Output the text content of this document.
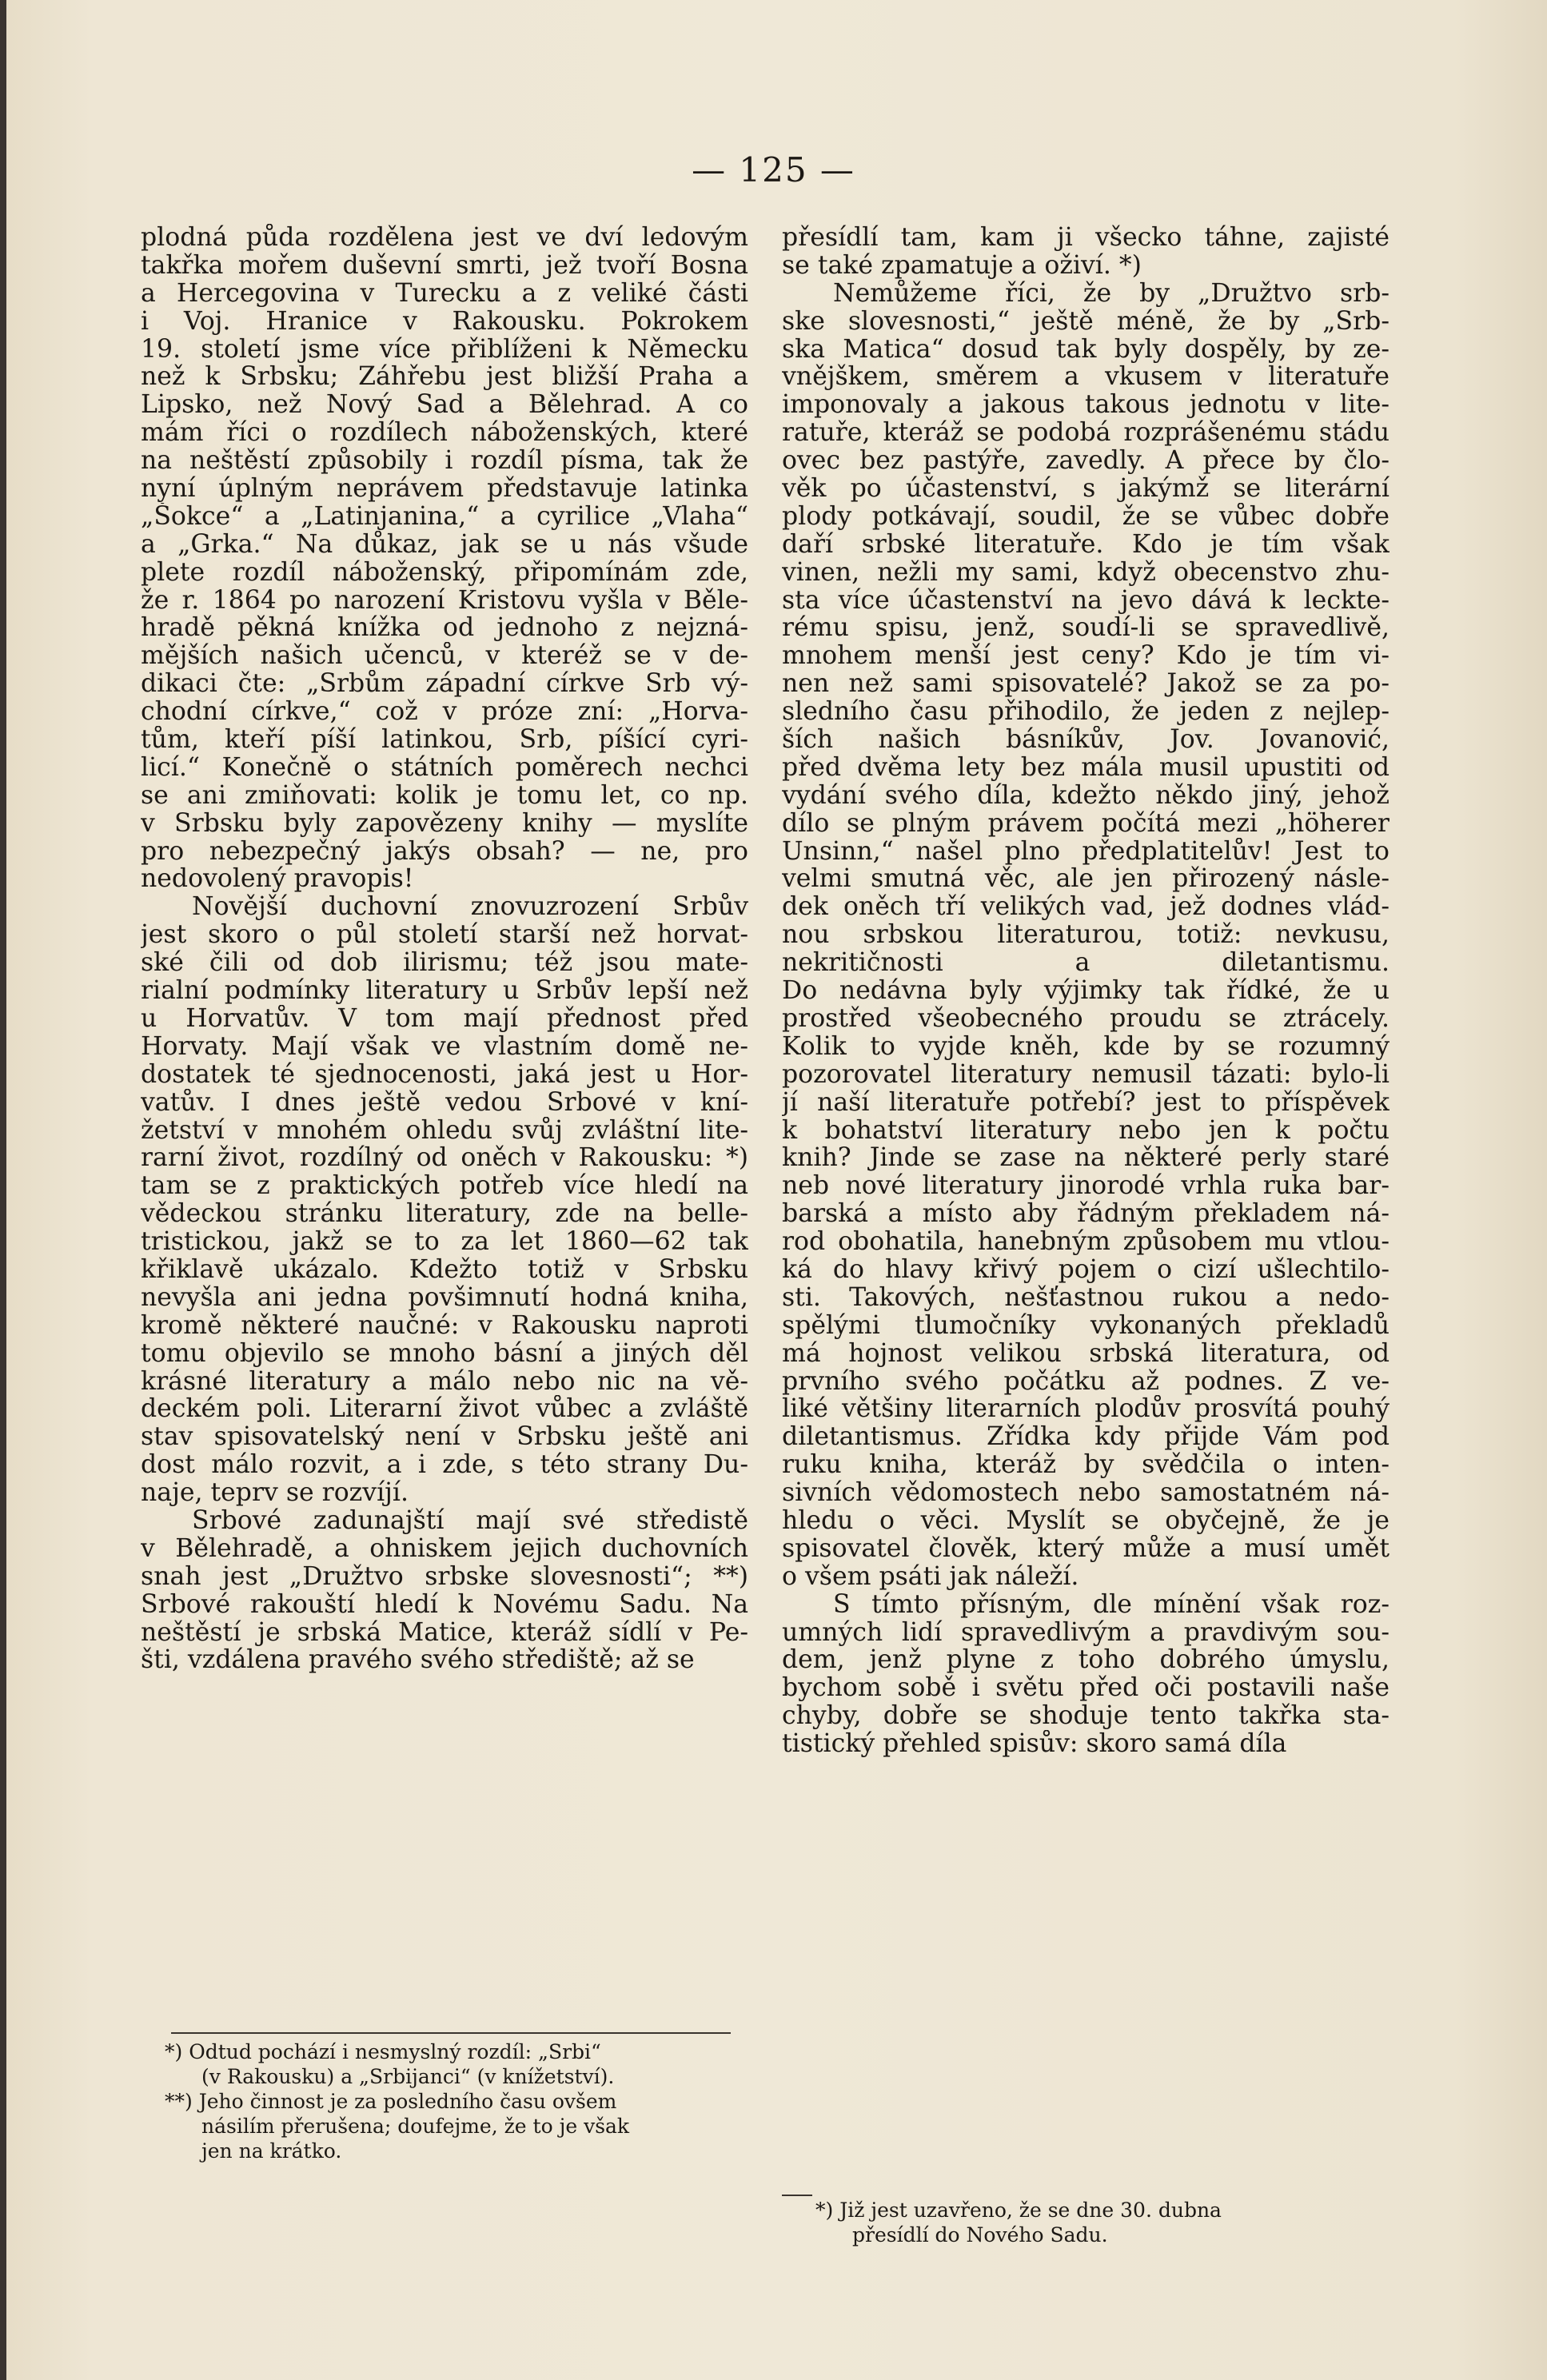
— 125 —
plodná půda rozdělena jest ve dví ledovým
takřka mořem duševní smrti, jež tvoří Bosna
a Hercegovina v Turecku a z veliké části
i Voj. Hranice v Rakousku. Pokrokem
19. století jsme více přiblíženi k Německu
než k Srbsku; Záhřebu jest bližší Praha a
Lipsko, než Nový Sad a Bělehrad. A co
mám říci o rozdílech náboženských, které
na neštěstí způsobily i rozdíl písma, tak že
nyní úplným neprávem představuje latinka
„Šokce“ a „Latinjanina,“ a cyrilice „Vlaha“
a „Grka.“ Na důkaz, jak se u nás všude
plete rozdíl náboženský, připomínám zde,
že r. 1864 po narození Kristovu vyšla v Běle-
hradě pěkná knížka od jednoho z nejzná-
mějších našich učenců, v kteréž se v de-
dikaci čte: „Srbům západní církve Srb vý-
chodní církve,“ což v próze zní: „Horva-
tům, kteří píší latinkou, Srb, píšící cyri-
licí.“ Konečně o státních poměrech nechci
se ani zmiňovati: kolik je tomu let, co np.
v Srbsku byly zapovězeny knihy — myslíte
pro nebezpečný jakýs obsah? — ne, pro
nedovolený pravopis!
Novější duchovní znovuzrození Srbův
jest skoro o půl století starší než horvat-
ské čili od dob ilirismu; též jsou mate-
rialní podmínky literatury u Srbův lepší než
u Horvatův. V tom mají přednost před
Horvaty. Mají však ve vlastním domě ne-
dostatek té sjednocenosti, jaká jest u Hor-
vatův. I dnes ještě vedou Srbové v kní-
žetství v mnohém ohledu svůj zvláštní lite-
rarní život, rozdílný od oněch v Rakousku: *)
tam se z praktických potřeb více hledí na
vědeckou stránku literatury, zde na belle-
tristickou, jakž se to za let 1860—62 tak
křiklavě ukázalo. Kdežto totiž v Srbsku
nevyšla ani jedna povšimnutí hodná kniha,
kromě některé naučné: v Rakousku naproti
tomu objevilo se mnoho básní a jiných děl
krásné literatury a málo nebo nic na vě-
deckém poli. Literarní život vůbec a zvláště
stav spisovatelský není v Srbsku ještě ani
dost málo rozvit, a i zde, s této strany Du-
naje, teprv se rozvíjí.
Srbové zadunajští mají své středistě
v Bělehradě, a ohniskem jejich duchovních
snah jest „Družtvo srbske slovesnosti“; **)
Srbové rakouští hledí k Novému Sadu. Na
neštěstí je srbská Matice, kteráž sídlí v Pe-
šti, vzdálena pravého svého střediště; až se
přesídlí tam, kam ji všecko táhne, zajisté
se také zpamatuje a oživí. *)
Nemůžeme říci, že by „Družtvo srb-
ske slovesnosti,“ ještě méně, že by „Srb-
ska Matica“ dosud tak byly dospěly, by ze-
vnějškem, směrem a vkusem v literatuře
imponovaly a jakous takous jednotu v lite-
ratuře, kteráž se podobá rozprášenému stádu
ovec bez pastýře, zavedly. A přece by člo-
věk po účastenství, s jakýmž se literární
plody potkávají, soudil, že se vůbec dobře
daří srbské literatuře. Kdo je tím však
vinen, nežli my sami, když obecenstvo zhu-
sta více účastenství na jevo dává k leckte-
rému spisu, jenž, soudí-li se spravedlivě,
mnohem menší jest ceny? Kdo je tím vi-
nen než sami spisovatelé? Jakož se za po-
sledního času přihodilo, že jeden z nejlep-
ších našich básníkův, Jov. Jovanović,
před dvěma lety bez mála musil upustiti od
vydání svého díla, kdežto někdo jiný, jehož
dílo se plným právem počítá mezi „höherer
Unsinn,“ našel plno předplatitelův! Jest to
velmi smutná věc, ale jen přirozený násle-
dek oněch tří velikých vad, jež dodnes vlád-
nou srbskou literaturou, totiž: nevkusu,
nekritičnosti a diletantismu.
Do nedávna byly výjimky tak řídké, že u
prostřed všeobecného proudu se ztrácely.
Kolik to vyjde kněh, kde by se rozumný
pozorovatel literatury nemusil tázati: bylo-li
jí naší literatuře potřebí? jest to příspěvek
k bohatství literatury nebo jen k počtu
knih? Jinde se zase na některé perly staré
neb nové literatury jinorodé vrhla ruka bar-
barská a místo aby řádným překladem ná-
rod obohatila, hanebným způsobem mu vtlou-
ká do hlavy křivý pojem o cizí ušlechtilo-
sti. Takových, nešťastnou rukou a nedo-
spělými tlumočníky vykonaných překladů
má hojnost velikou srbská literatura, od
prvního svého počátku až podnes. Z ve-
liké většiny literarních plodův prosvítá pouhý
diletantismus. Zřídka kdy přijde Vám pod
ruku kniha, kteráž by svědčila o inten-
sivních vědomostech nebo samostatném ná-
hledu o věci. Myslít se obyčejně, že je
spisovatel člověk, který může a musí umět
o všem psáti jak náleží.
S tímto přísným, dle mínění však roz-
umných lidí spravedlivým a pravdivým sou-
dem, jenž plyne z toho dobrého úmyslu,
bychom sobě i světu před oči postavili naše
chyby, dobře se shoduje tento takřka sta-
tistický přehled spisův: skoro samá díla
*) Odtud pochází i nesmyslný rozdíl: „Srbi“
(v Rakousku) a „Srbijanci“ (v knížetství).
**) Jeho činnost je za posledního času ovšem
násilím přerušena; doufejme, že to je však
jen na krátko.
*) Již jest uzavřeno, že se dne 30. dubna
přesídlí do Nového Sadu.
